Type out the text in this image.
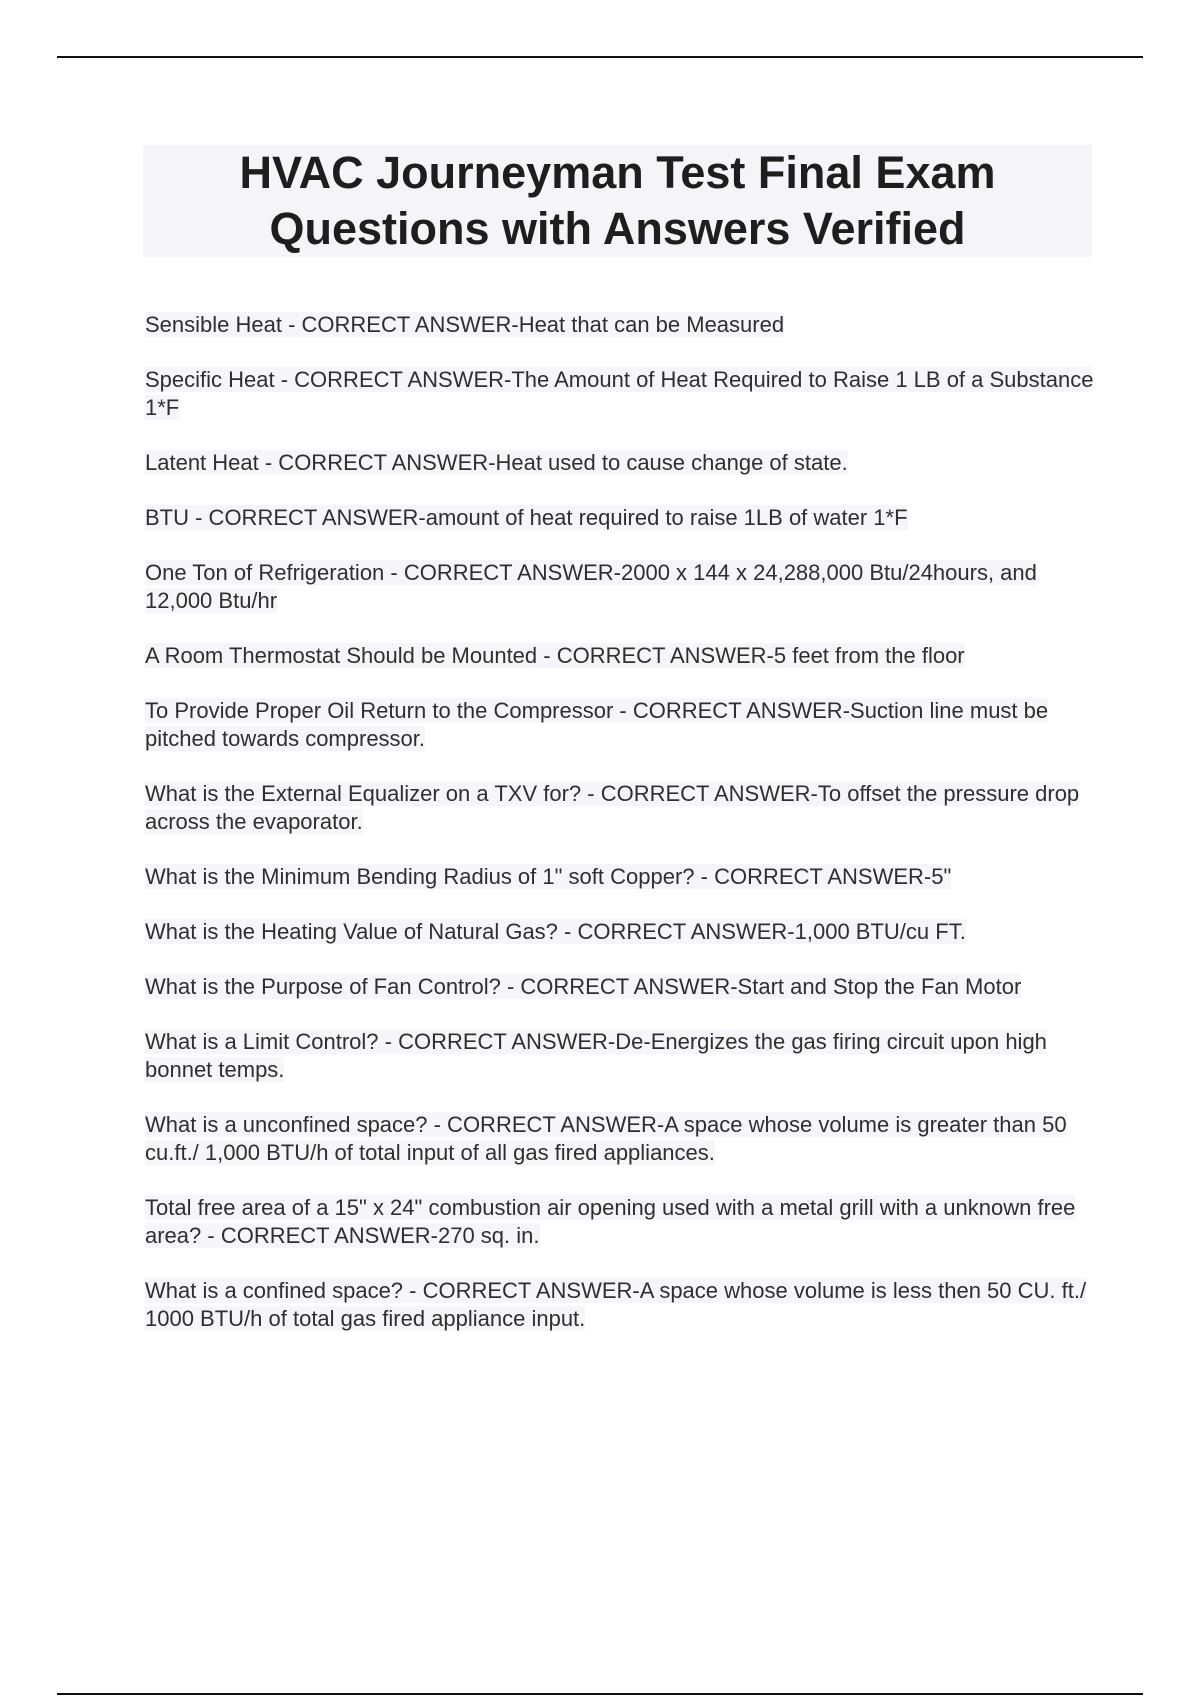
HVAC Journeyman Test Final Exam
Questions with Answers Verified
Sensible Heat - CORRECT ANSWER-Heat that can be Measured
Specific Heat - CORRECT ANSWER-The Amount of Heat Required to Raise 1 LB of a Substance 1*F
Latent Heat - CORRECT ANSWER-Heat used to cause change of state.
BTU - CORRECT ANSWER-amount of heat required to raise 1LB of water 1*F
One Ton of Refrigeration - CORRECT ANSWER-2000 x 144 x 24,288,000 Btu/24hours, and 12,000 Btu/hr
A Room Thermostat Should be Mounted - CORRECT ANSWER-5 feet from the floor
To Provide Proper Oil Return to the Compressor - CORRECT ANSWER-Suction line must be pitched towards compressor.
What is the External Equalizer on a TXV for? - CORRECT ANSWER-To offset the pressure drop across the evaporator.
What is the Minimum Bending Radius of 1" soft Copper? - CORRECT ANSWER-5"
What is the Heating Value of Natural Gas? - CORRECT ANSWER-1,000 BTU/cu FT.
What is the Purpose of Fan Control? - CORRECT ANSWER-Start and Stop the Fan Motor
What is a Limit Control? - CORRECT ANSWER-De-Energizes the gas firing circuit upon high bonnet temps.
What is a unconfined space? - CORRECT ANSWER-A space whose volume is greater than 50 cu.ft./ 1,000 BTU/h of total input of all gas fired appliances.
Total free area of a 15" x 24" combustion air opening used with a metal grill with a unknown free area? - CORRECT ANSWER-270 sq. in.
What is a confined space? - CORRECT ANSWER-A space whose volume is less then 50 CU. ft./ 1000 BTU/h of total gas fired appliance input.
